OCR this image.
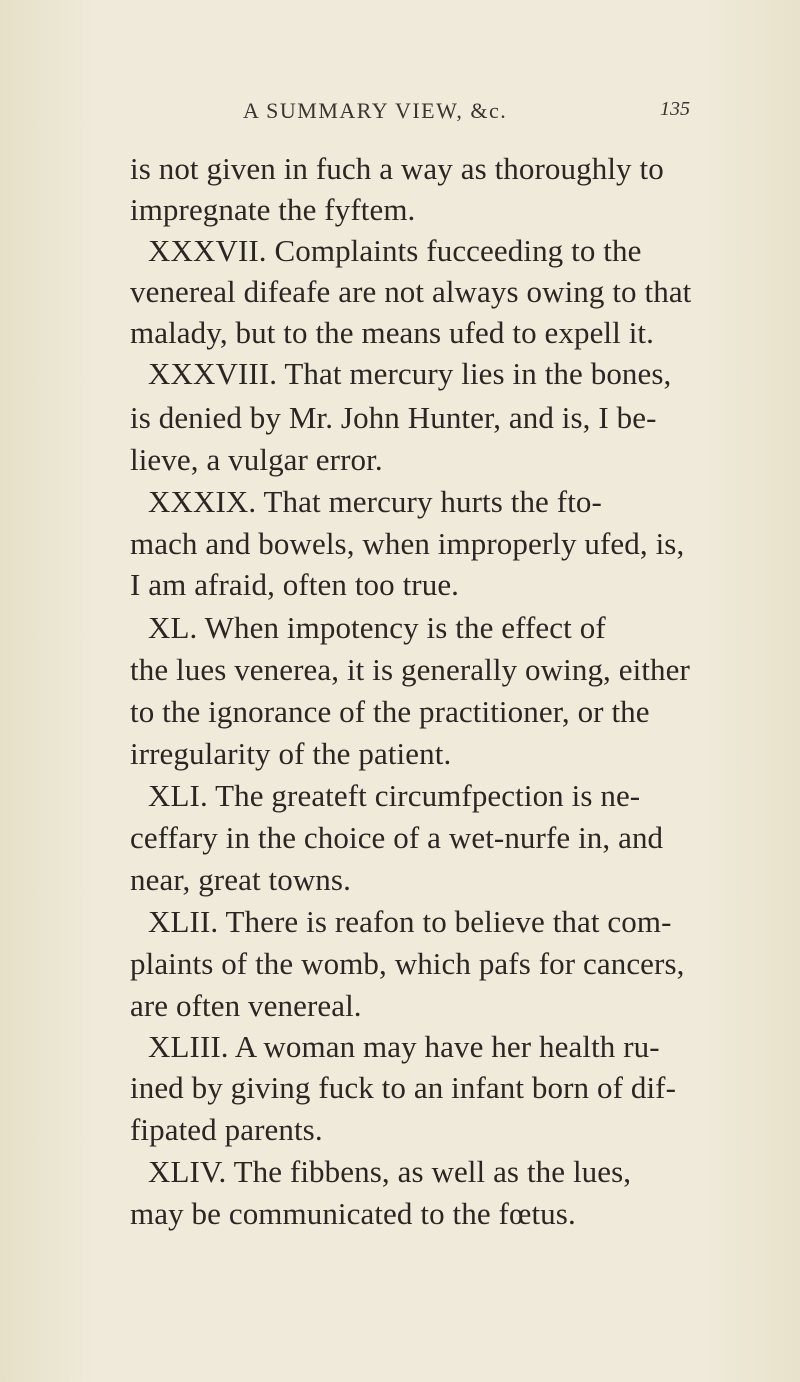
A SUMMARY VIEW, &c.	135
is not given in fuch a way as thoroughly to
impregnate the fyftem.
XXXVII. Complaints fucceeding to the
venereal difeafe are not always owing to that
malady, but to the means ufed to expell it.
XXXVIII. That mercury lies in the bones,
is denied by Mr. John Hunter, and is, I be-
lieve, a vulgar error.
XXXIX. That mercury hurts the fto-
mach and bowels, when improperly ufed, is,
I am afraid, often too true.
XL. When impotency is the effect of
the lues venerea, it is generally owing, either
to the ignorance of the practitioner, or the
irregularity of the patient.
XLI. The greateft circumfpection is ne-
ceffary in the choice of a wet-nurfe in, and
near, great towns.
XLII. There is reafon to believe that com-
plaints of the womb, which pafs for cancers,
are often venereal.
XLIII. A woman may have her health ru-
ined by giving fuck to an infant born of dif-
fipated parents.
XLIV. The fibbens, as well as the lues,
may be communicated to the fœtus.
